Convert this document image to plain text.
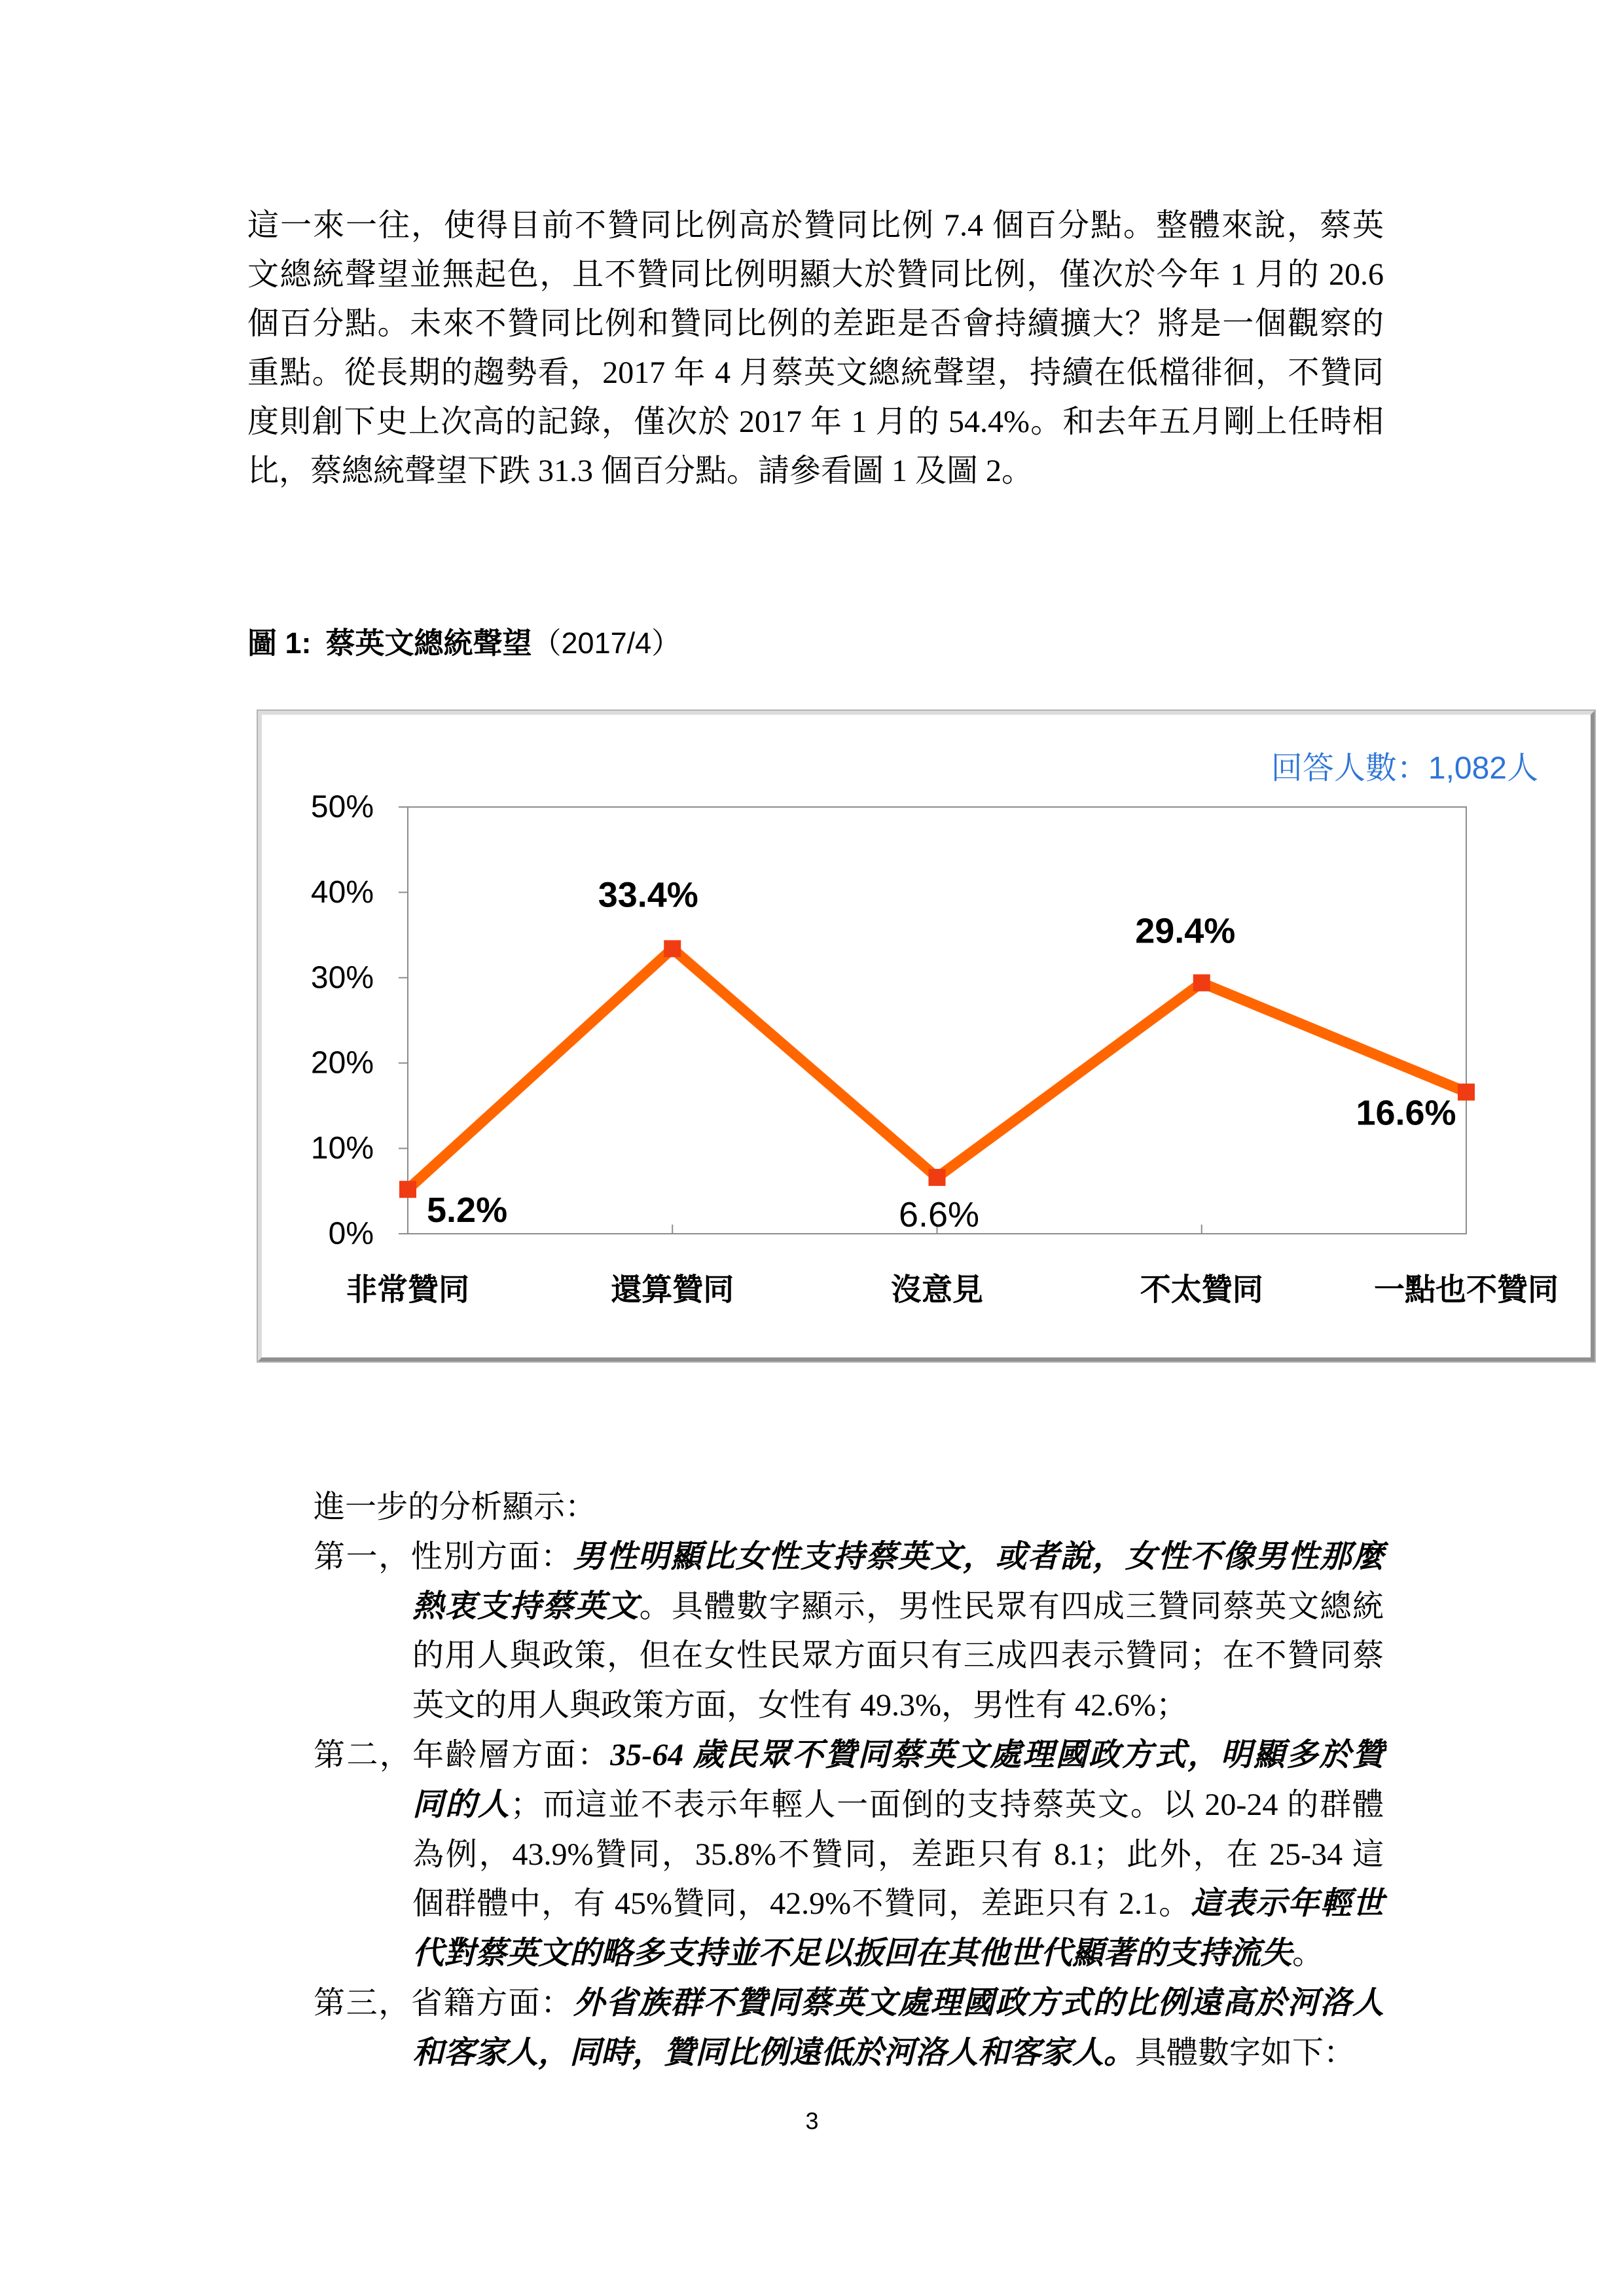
這一來一往，使得目前不贊同比例高於贊同比例 7.4 個百分點。整體來說，蔡英
文總統聲望並無起色，且不贊同比例明顯大於贊同比例，僅次於今年 1 月的 20.6
個百分點。未來不贊同比例和贊同比例的差距是否會持續擴大？將是一個觀察的
重點。從長期的趨勢看，2017 年 4 月蔡英文總統聲望，持續在低檔徘徊，不贊同
度則創下史上次高的記錄，僅次於 2017 年 1 月的 54.4%。和去年五月剛上任時相
比，蔡總統聲望下跌 31.3 個百分點。請參看圖 1 及圖 2。
圖 1: 蔡英文總統聲望（2017/4）
0%
10%
20%
30%
40%
50%
非常贊同	還算贊同	沒意見	不太贊同	一點也不贊同
5.2%
33.4%
6.6%
29.4%
16.6%
回答人數：1,082人
進一步的分析顯示：
第一，性別方面：男性明顯比女性支持蔡英文，或者說，女性不像男性那麼
熱衷支持蔡英文。具體數字顯示，男性民眾有四成三贊同蔡英文總統
的用人與政策，但在女性民眾方面只有三成四表示贊同；在不贊同蔡
英文的用人與政策方面，女性有 49.3%，男性有 42.6%；
第二，年齡層方面：35-64 歲民眾不贊同蔡英文處理國政方式，明顯多於贊
同的人；而這並不表示年輕人一面倒的支持蔡英文。以 20-24 的群體
為例，43.9%贊同，35.8%不贊同，差距只有 8.1；此外，在 25-34 這
個群體中，有 45%贊同，42.9%不贊同，差距只有 2.1。這表示年輕世
代對蔡英文的略多支持並不足以扳回在其他世代顯著的支持流失。
第三，省籍方面：外省族群不贊同蔡英文處理國政方式的比例遠高於河洛人
和客家人，同時，贊同比例遠低於河洛人和客家人。具體數字如下：
3
